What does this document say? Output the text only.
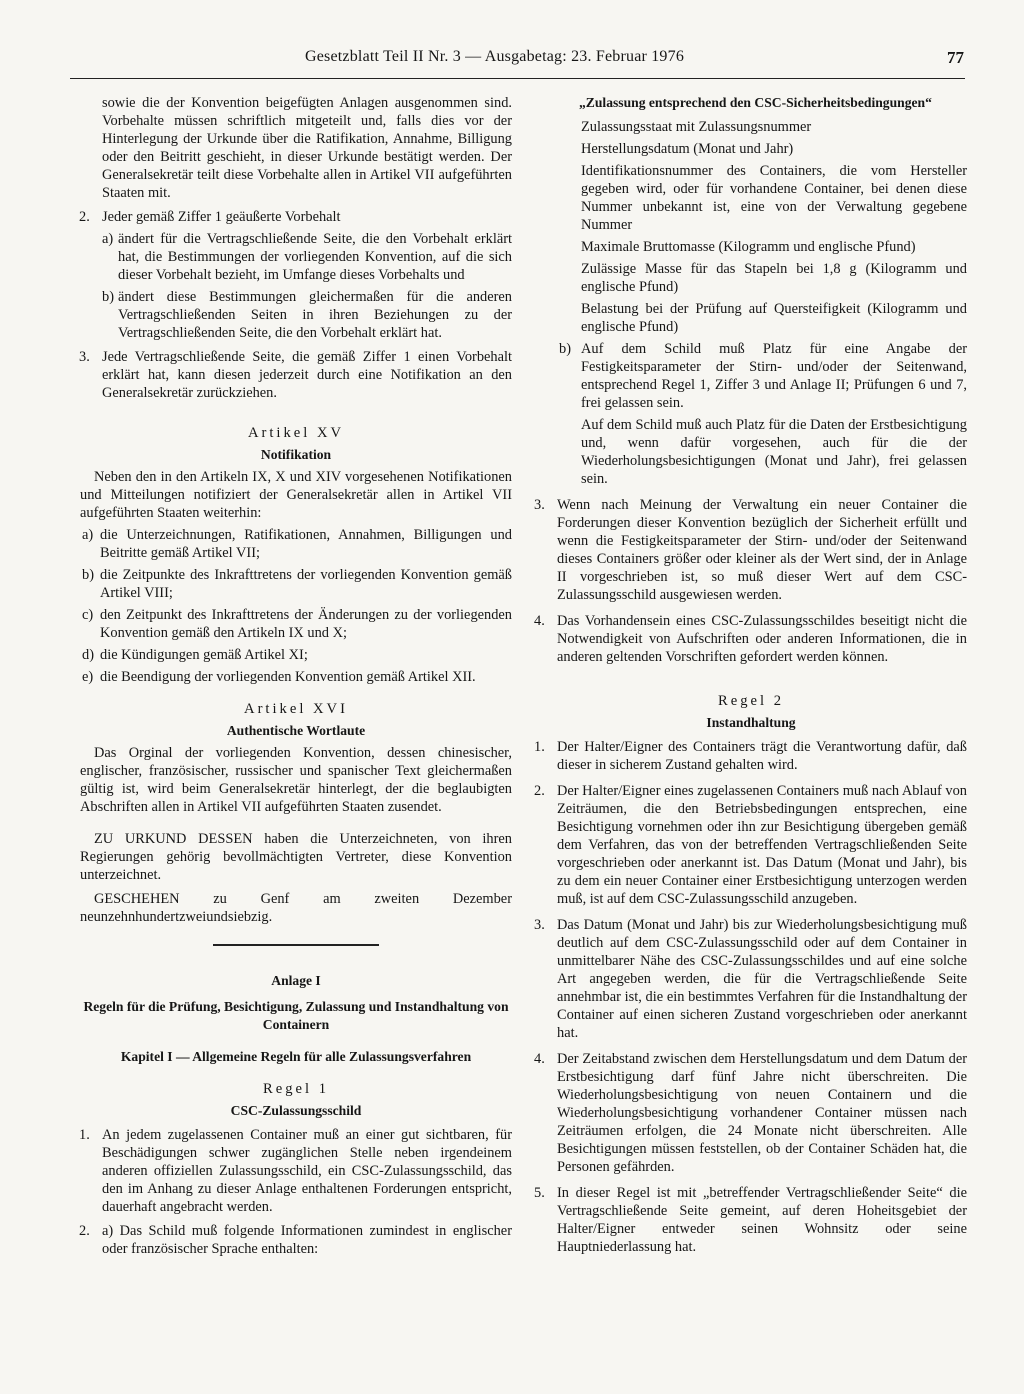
Gesetzblatt Teil II Nr. 3 — Ausgabetag: 23. Februar 1976	77

sowie die der Konvention beigefügten Anlagen ausgenommen sind. Vorbehalte müssen schriftlich mitgeteilt und, falls dies vor der Hinterlegung der Urkunde über die Ratifikation, Annahme, Billigung oder den Beitritt geschieht, in dieser Urkunde bestätigt werden. Der Generalsekretär teilt diese Vorbehalte allen in Artikel VII aufgeführten Staaten mit.

2. Jeder gemäß Ziffer 1 geäußerte Vorbehalt
a) ändert für die Vertragschließende Seite, die den Vorbehalt erklärt hat, die Bestimmungen der vorliegenden Konvention, auf die sich dieser Vorbehalt bezieht, im Umfange dieses Vorbehalts und
b) ändert diese Bestimmungen gleichermaßen für die anderen Vertragschließenden Seiten in ihren Beziehungen zu der Vertragschließenden Seite, die den Vorbehalt erklärt hat.
3. Jede Vertragschließende Seite, die gemäß Ziffer 1 einen Vorbehalt erklärt hat, kann diesen jederzeit durch eine Notifikation an den Generalsekretär zurückziehen.

Artikel XV

Notifikation

Neben den in den Artikeln IX, X und XIV vorgesehenen Notifikationen und Mitteilungen notifiziert der Generalsekretär allen in Artikel VII aufgeführten Staaten weiterhin:

a) die Unterzeichnungen, Ratifikationen, Annahmen, Billigungen und Beitritte gemäß Artikel VII;
b) die Zeitpunkte des Inkrafttretens der vorliegenden Konvention gemäß Artikel VIII;
c) den Zeitpunkt des Inkrafttretens der Änderungen zu der vorliegenden Konvention gemäß den Artikeln IX und X;
d) die Kündigungen gemäß Artikel XI;
e) die Beendigung der vorliegenden Konvention gemäß Artikel XII.

Artikel XVI

Authentische Wortlaute

Das Orginal der vorliegenden Konvention, dessen chinesischer, englischer, französischer, russischer und spanischer Text gleichermaßen gültig ist, wird beim Generalsekretär hinterlegt, der die beglaubigten Abschriften allen in Artikel VII aufgeführten Staaten zusendet.

ZU URKUND DESSEN haben die Unterzeichneten, von ihren Regierungen gehörig bevollmächtigten Vertreter, diese Konvention unterzeichnet.

GESCHEHEN zu Genf am zweiten Dezember neunzehnhundertzweiundsiebzig.

Anlage I

Regeln für die Prüfung, Besichtigung, Zulassung und Instandhaltung von Containern

Kapitel I — Allgemeine Regeln für alle Zulassungsverfahren

Regel 1

CSC-Zulassungsschild

1. An jedem zugelassenen Container muß an einer gut sichtbaren, für Beschädigungen schwer zugänglichen Stelle neben irgendeinem anderen offiziellen Zulassungsschild, ein CSC-Zulassungsschild, das den im Anhang zu dieser Anlage enthaltenen Forderungen entspricht, dauerhaft angebracht werden.
2. a) Das Schild muß folgende Informationen zumindest in englischer oder französischer Sprache enthalten:

„Zulassung entsprechend den CSC-Sicherheitsbedingungen“

Zulassungsstaat mit Zulassungsnummer

Herstellungsdatum (Monat und Jahr)

Identifikationsnummer des Containers, die vom Hersteller gegeben wird, oder für vorhandene Container, bei denen diese Nummer unbekannt ist, eine von der Verwaltung gegebene Nummer

Maximale Bruttomasse (Kilogramm und englische Pfund)

Zulässige Masse für das Stapeln bei 1,8 g (Kilogramm und englische Pfund)

Belastung bei der Prüfung auf Quersteifigkeit (Kilogramm und englische Pfund)

b) Auf dem Schild muß Platz für eine Angabe der Festigkeitsparameter der Stirn- und/oder der Seitenwand, entsprechend Regel 1, Ziffer 3 und Anlage II; Prüfungen 6 und 7, frei gelassen sein.

Auf dem Schild muß auch Platz für die Daten der Erstbesichtigung und, wenn dafür vorgesehen, auch für die der Wiederholungsbesichtigungen (Monat und Jahr), frei gelassen sein.

3. Wenn nach Meinung der Verwaltung ein neuer Container die Forderungen dieser Konvention bezüglich der Sicherheit erfüllt und wenn die Festigkeitsparameter der Stirn- und/oder der Seitenwand dieses Containers größer oder kleiner als der Wert sind, der in Anlage II vorgeschrieben ist, so muß dieser Wert auf dem CSC-Zulassungsschild ausgewiesen werden.
4. Das Vorhandensein eines CSC-Zulassungsschildes beseitigt nicht die Notwendigkeit von Aufschriften oder anderen Informationen, die in anderen geltenden Vorschriften gefordert werden können.

Regel 2

Instandhaltung

1. Der Halter/Eigner des Containers trägt die Verantwortung dafür, daß dieser in sicherem Zustand gehalten wird.
2. Der Halter/Eigner eines zugelassenen Containers muß nach Ablauf von Zeiträumen, die den Betriebsbedingungen entsprechen, eine Besichtigung vornehmen oder ihn zur Besichtigung übergeben gemäß dem Verfahren, das von der betreffenden Vertragschließenden Seite vorgeschrieben oder anerkannt ist. Das Datum (Monat und Jahr), bis zu dem ein neuer Container einer Erstbesichtigung unterzogen werden muß, ist auf dem CSC-Zulassungsschild anzugeben.
3. Das Datum (Monat und Jahr) bis zur Wiederholungsbesichtigung muß deutlich auf dem CSC-Zulassungsschild oder auf dem Container in unmittelbarer Nähe des CSC-Zulassungsschildes und auf eine solche Art angegeben werden, die für die Vertragschließende Seite annehmbar ist, die ein bestimmtes Verfahren für die Instandhaltung der Container auf einen sicheren Zustand vorgeschrieben oder anerkannt hat.
4. Der Zeitabstand zwischen dem Herstellungsdatum und dem Datum der Erstbesichtigung darf fünf Jahre nicht überschreiten. Die Wiederholungsbesichtigung von neuen Containern und die Wiederholungsbesichtigung vorhandener Container müssen nach Zeiträumen erfolgen, die 24 Monate nicht überschreiten. Alle Besichtigungen müssen feststellen, ob der Container Schäden hat, die Personen gefährden.
5. In dieser Regel ist mit „betreffender Vertragschließender Seite“ die Vertragschließende Seite gemeint, auf deren Hoheitsgebiet der Halter/Eigner entweder seinen Wohnsitz oder seine Hauptniederlassung hat.
